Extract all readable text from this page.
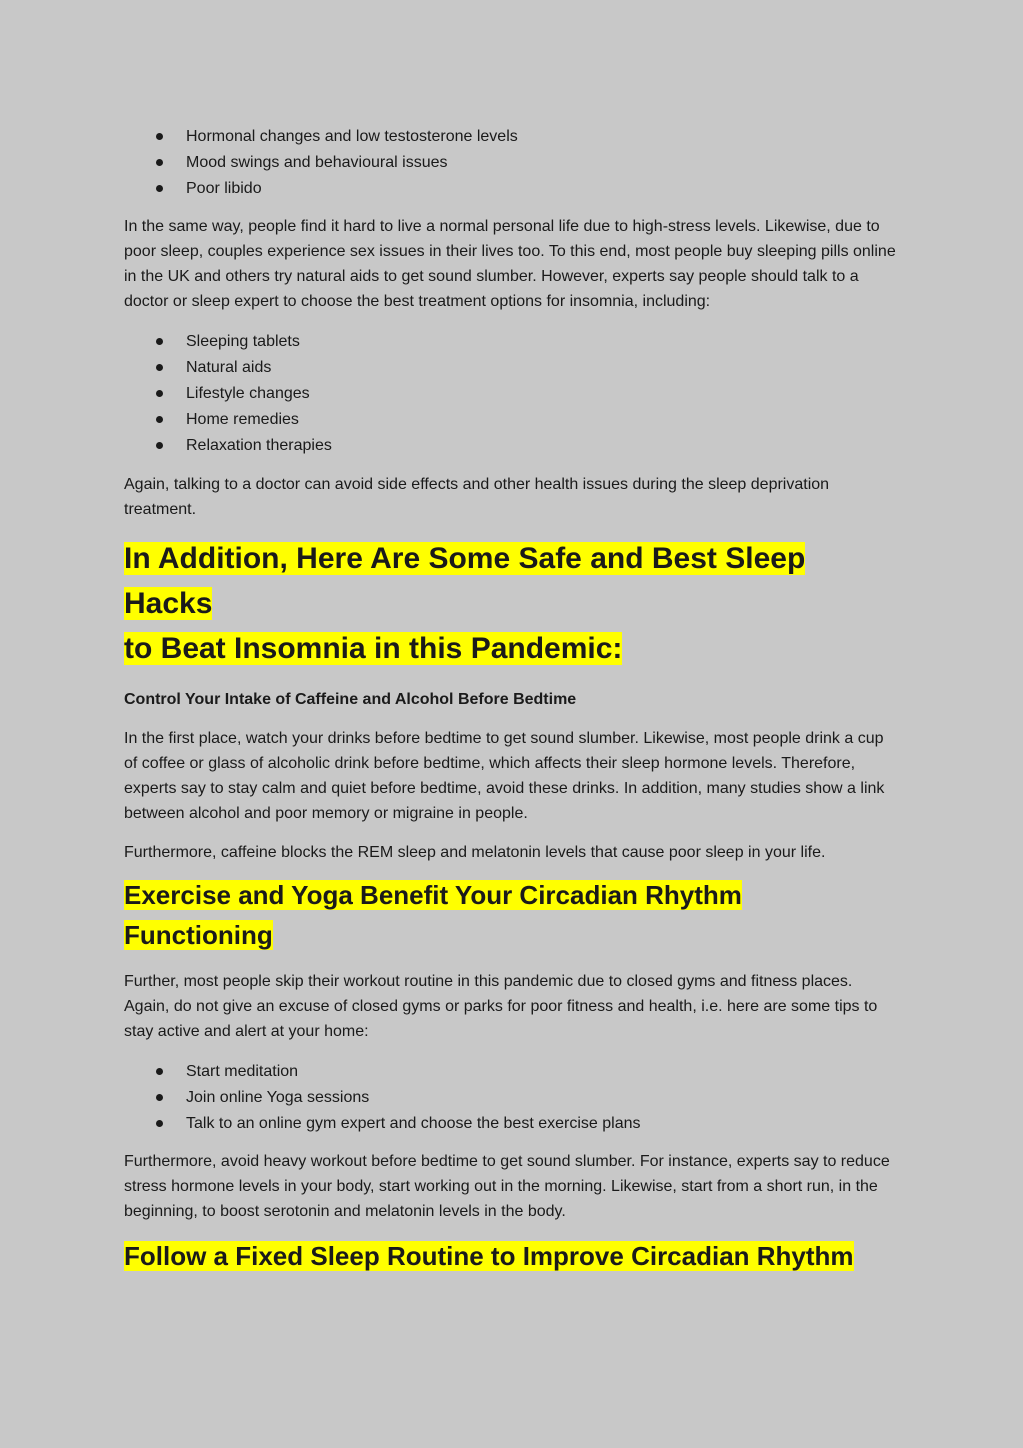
Hormonal changes and low testosterone levels
Mood swings and behavioural issues
Poor libido

In the same way, people find it hard to live a normal personal life due to high-stress levels. Likewise, due to poor sleep, couples experience sex issues in their lives too. To this end, most people buy sleeping pills online in the UK and others try natural aids to get sound slumber. However, experts say people should talk to a doctor or sleep expert to choose the best treatment options for insomnia, including:

Sleeping tablets
Natural aids
Lifestyle changes
Home remedies
Relaxation therapies

Again, talking to a doctor can avoid side effects and other health issues during the sleep deprivation treatment.

In Addition, Here Are Some Safe and Best Sleep Hacks
to Beat Insomnia in this Pandemic:
Control Your Intake of Caffeine and Alcohol Before Bedtime

In the first place, watch your drinks before bedtime to get sound slumber. Likewise, most people drink a cup of coffee or glass of alcoholic drink before bedtime, which affects their sleep hormone levels. Therefore, experts say to stay calm and quiet before bedtime, avoid these drinks. In addition, many studies show a link between alcohol and poor memory or migraine in people.

Furthermore, caffeine blocks the REM sleep and melatonin levels that cause poor sleep in your life.

Exercise and Yoga Benefit Your Circadian Rhythm
Functioning

Further, most people skip their workout routine in this pandemic due to closed gyms and fitness places. Again, do not give an excuse of closed gyms or parks for poor fitness and health, i.e. here are some tips to stay active and alert at your home:

Start meditation
Join online Yoga sessions
Talk to an online gym expert and choose the best exercise plans

Furthermore, avoid heavy workout before bedtime to get sound slumber. For instance, experts say to reduce stress hormone levels in your body, start working out in the morning. Likewise, start from a short run, in the beginning, to boost serotonin and melatonin levels in the body.

Follow a Fixed Sleep Routine to Improve Circadian Rhythm
